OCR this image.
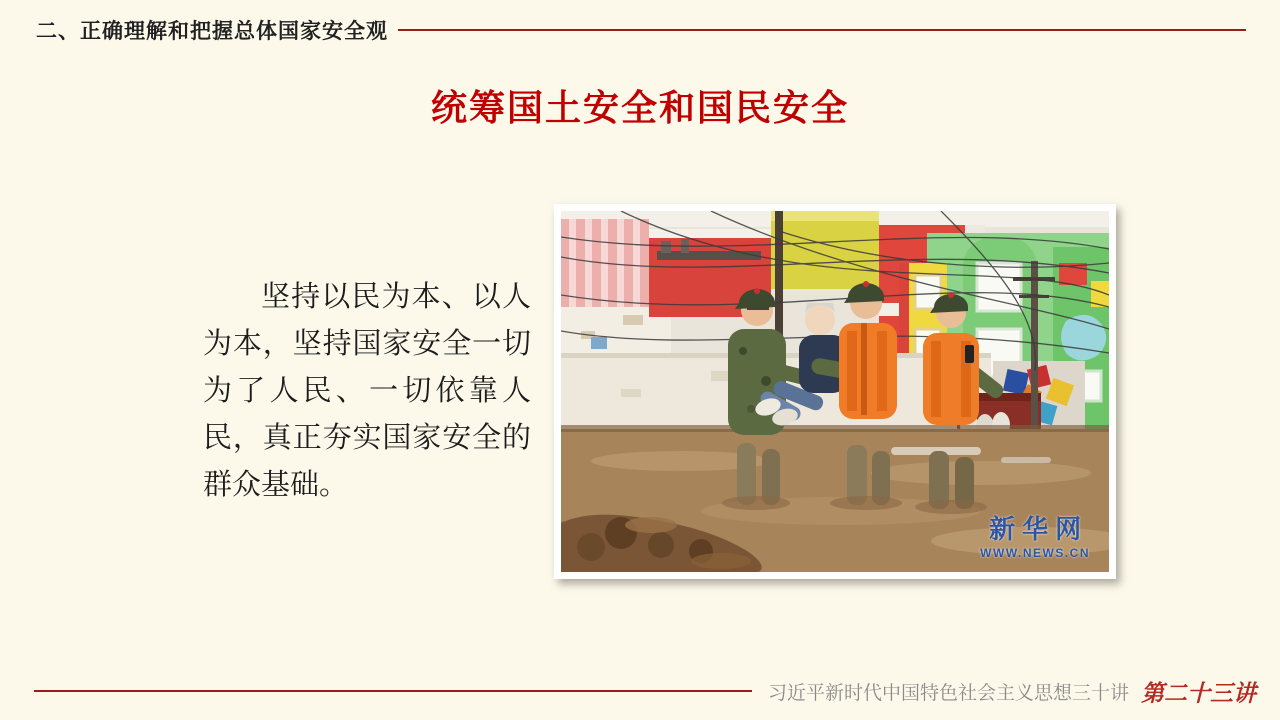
二、正确理解和把握总体国家安全观
统筹国土安全和国民安全

坚持以民为本、以人为本，坚持国家安全一切为了人民、一切依靠人民，真正夯实国家安全的群众基础。

新华网
WWW.NEWS.CN
习近平新时代中国特色社会主义思想三十讲 第二十三讲
